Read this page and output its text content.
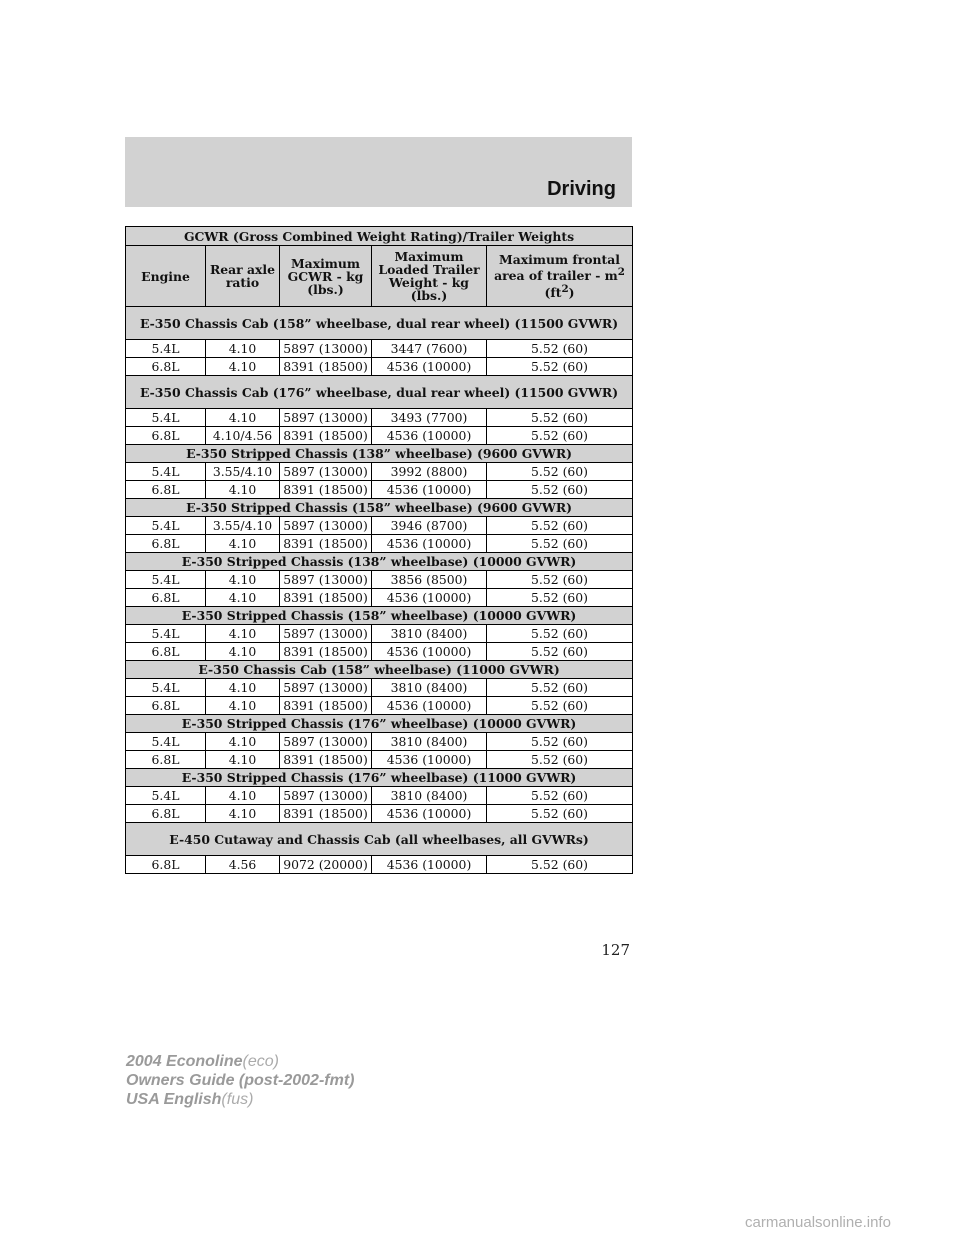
Driving
GCWR (Gross Combined Weight Rating)/Trailer Weights				
Engine	Rear axle ratio	Maximum GCWR - kg (lbs.)	Maximum Loaded Trailer Weight - kg (lbs.)	Maximum frontal area of trailer - $m^2$ $(ft^2)$
E-350 Chassis Cab (158” wheelbase, dual rear wheel) (11500 GVWR)				
5.4L	4.10	5897 (13000)	3447 (7600)	5.52 (60)
6.8L	4.10	8391 (18500)	4536 (10000)	5.52 (60)
E-350 Chassis Cab (176” wheelbase, dual rear wheel) (11500 GVWR)				
5.4L	4.10	5897 (13000)	3493 (7700)	5.52 (60)
6.8L	4.10/4.56	8391 (18500)	4536 (10000)	5.52 (60)
E-350 Stripped Chassis (138” wheelbase) (9600 GVWR)				
5.4L	3.55/4.10	5897 (13000)	3992 (8800)	5.52 (60)
6.8L	4.10	8391 (18500)	4536 (10000)	5.52 (60)
E-350 Stripped Chassis (158” wheelbase) (9600 GVWR)				
5.4L	3.55/4.10	5897 (13000)	3946 (8700)	5.52 (60)
6.8L	4.10	8391 (18500)	4536 (10000)	5.52 (60)
E-350 Stripped Chassis (138” wheelbase) (10000 GVWR)				
5.4L	4.10	5897 (13000)	3856 (8500)	5.52 (60)
6.8L	4.10	8391 (18500)	4536 (10000)	5.52 (60)
E-350 Stripped Chassis (158” wheelbase) (10000 GVWR)				
5.4L	4.10	5897 (13000)	3810 (8400)	5.52 (60)
6.8L	4.10	8391 (18500)	4536 (10000)	5.52 (60)
E-350 Chassis Cab (158” wheelbase) (11000 GVWR)				
5.4L	4.10	5897 (13000)	3810 (8400)	5.52 (60)
6.8L	4.10	8391 (18500)	4536 (10000)	5.52 (60)
E-350 Stripped Chassis (176” wheelbase) (10000 GVWR)				
5.4L	4.10	5897 (13000)	3810 (8400)	5.52 (60)
6.8L	4.10	8391 (18500)	4536 (10000)	5.52 (60)
E-350 Stripped Chassis (176” wheelbase) (11000 GVWR)				
5.4L	4.10	5897 (13000)	3810 (8400)	5.52 (60)
6.8L	4.10	8391 (18500)	4536 (10000)	5.52 (60)
E-450 Cutaway and Chassis Cab (all wheelbases, all GVWRs)				
6.8L	4.56	9072 (20000)	4536 (10000)	5.52 (60)
127
2004 Econoline(eco)
Owners Guide (post-2002-fmt)
USA English(fus)
carmanualsonline.info
